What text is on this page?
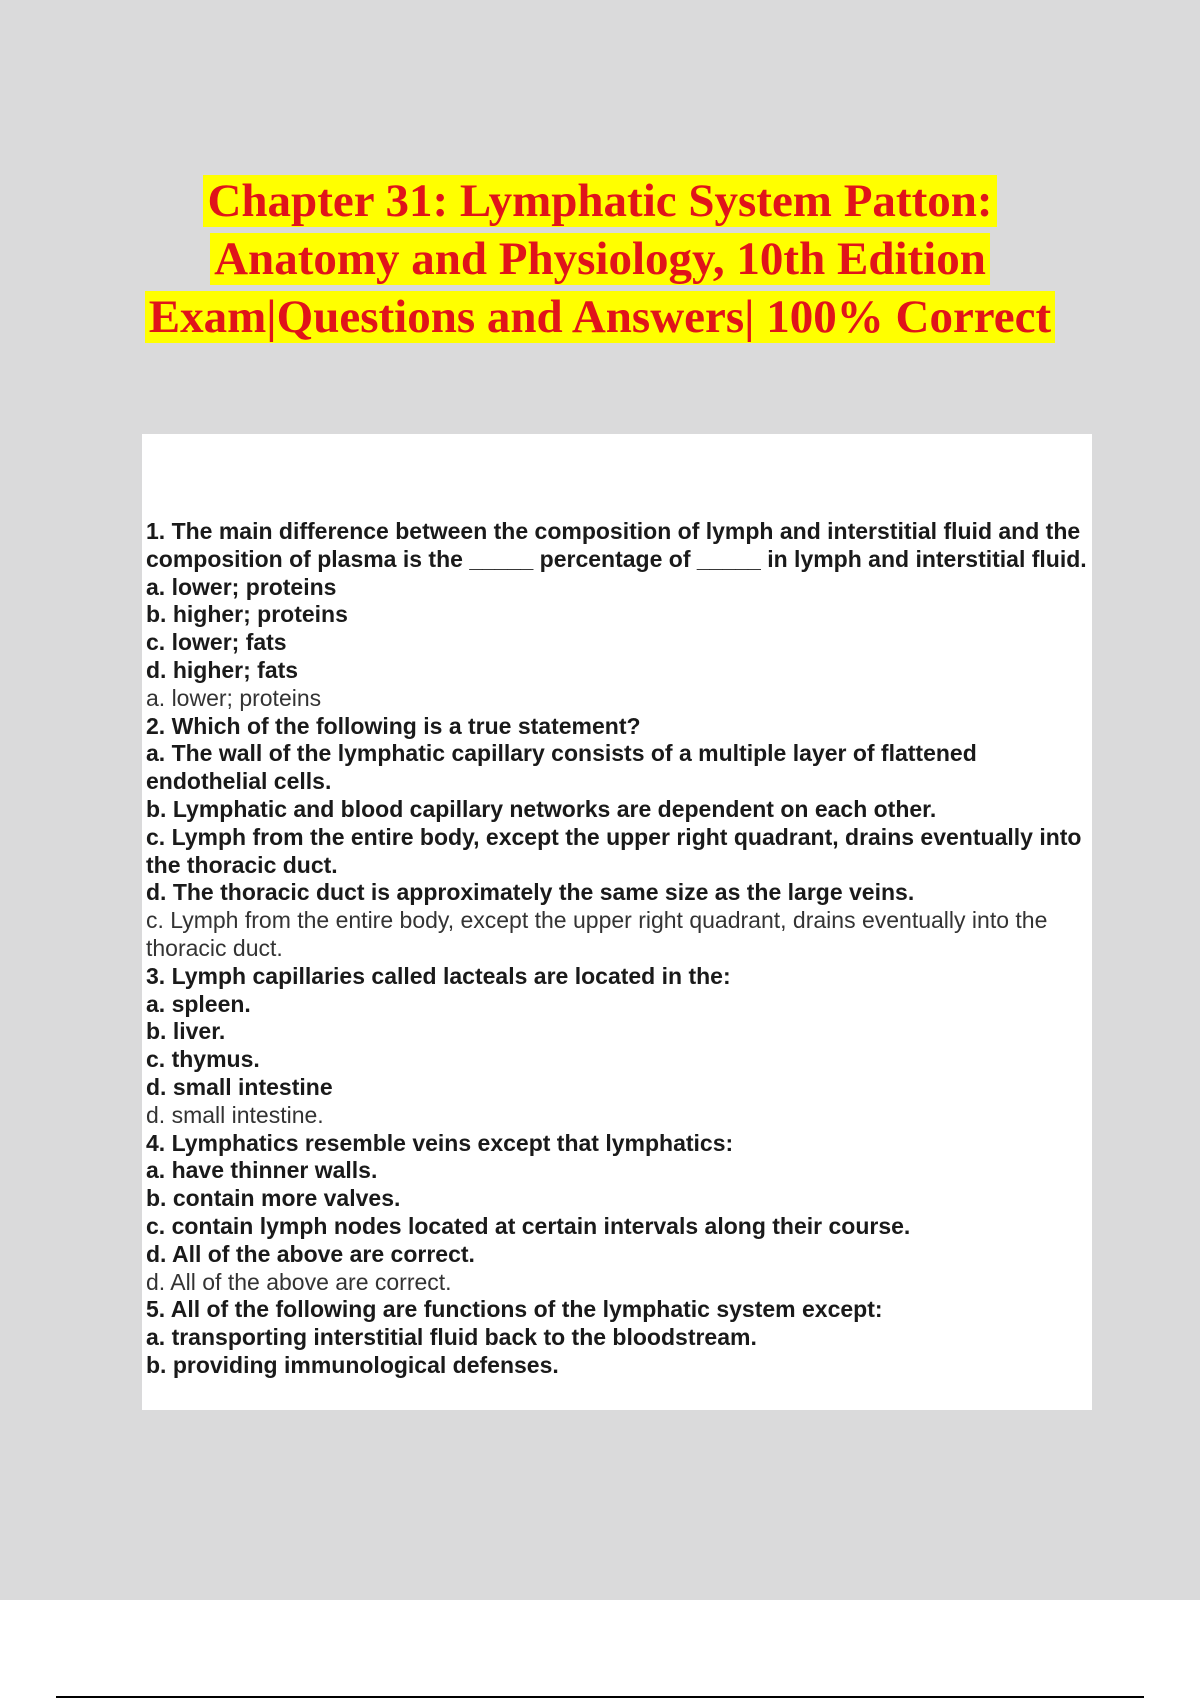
Chapter 31: Lymphatic System Patton:
Anatomy and Physiology, 10th Edition
Exam|Questions and Answers| 100% Correct

1. The main difference between the composition of lymph and interstitial fluid and the composition of plasma is the _____ percentage of _____ in lymph and interstitial fluid.

a. lower; proteins

b. higher; proteins

c. lower; fats

d. higher; fats

a. lower; proteins

2. Which of the following is a true statement?

a. The wall of the lymphatic capillary consists of a multiple layer of flattened endothelial cells.

b. Lymphatic and blood capillary networks are dependent on each other.

c. Lymph from the entire body, except the upper right quadrant, drains eventually into the thoracic duct.

d. The thoracic duct is approximately the same size as the large veins.

c. Lymph from the entire body, except the upper right quadrant, drains eventually into the thoracic duct.

3. Lymph capillaries called lacteals are located in the:

a. spleen.

b. liver.

c. thymus.

d. small intestine

d. small intestine.

4. Lymphatics resemble veins except that lymphatics:

a. have thinner walls.

b. contain more valves.

c. contain lymph nodes located at certain intervals along their course.

d. All of the above are correct.

d. All of the above are correct.

5. All of the following are functions of the lymphatic system except:

a. transporting interstitial fluid back to the bloodstream.

b. providing immunological defenses.
